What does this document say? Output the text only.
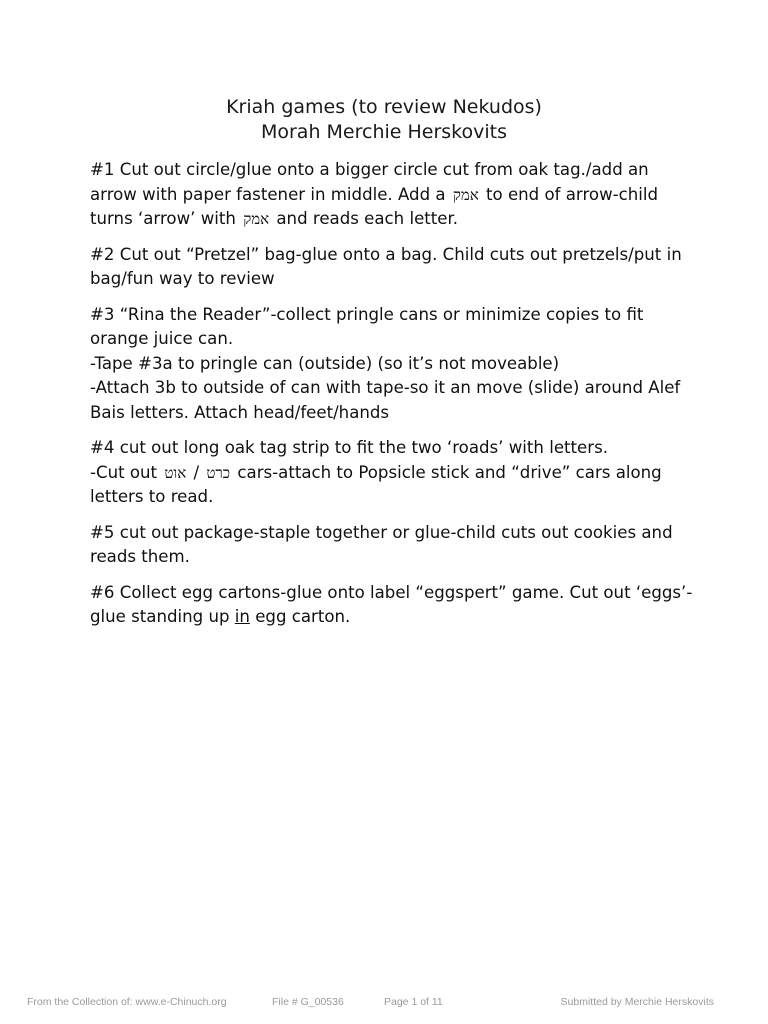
Kriah games (to review Nekudos)
Morah Merchie Herskovits

#1 Cut out circle/glue onto a bigger circle cut from oak tag./add an
arrow with paper fastener in middle. Add a ﬡמק to end of arrow-child
turns ‘arrow’ with ﬡמק and reads each letter.

#2 Cut out “Pretzel” bag-glue onto a bag. Child cuts out pretzels/put in
bag/fun way to review

#3 “Rina the Reader”-collect pringle cans or minimize copies to fit
orange juice can.
-Tape #3a to pringle can (outside) (so it’s not moveable)
-Attach 3b to outside of can with tape-so it an move (slide) around Alef
Bais letters. Attach head/feet/hands

#4 cut out long oak tag strip to fit the two ‘roads’ with letters.
-Cut out אוט / כרט cars-attach to Popsicle stick and “drive” cars along
letters to read.

#5 cut out package-staple together or glue-child cuts out cookies and
reads them.

#6 Collect egg cartons-glue onto label “eggspert” game. Cut out ‘eggs’-
glue standing up in egg carton.

From the Collection of: www.e-Chinuch.org	File # G_00536	Page 1 of 11	Submitted by Merchie Herskovits
